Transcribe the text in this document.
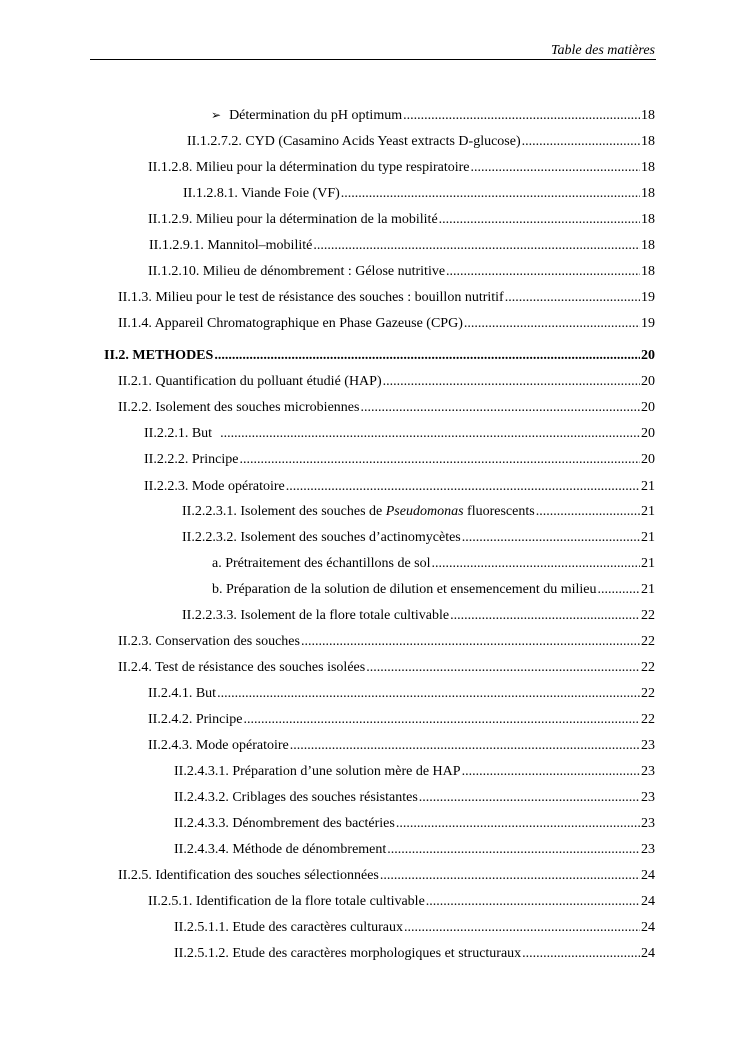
Table des matières
➢ Détermination du pH optimum .....	18
II.1.2.7.2. CYD (Casamino Acids Yeast extracts D-glucose) .....	18
II.1.2.8. Milieu pour la détermination du type respiratoire .....	18
II.1.2.8.1. Viande Foie (VF) .....	18
II.1.2.9. Milieu pour la détermination de la mobilité .....	18
II.1.2.9.1. Mannitol–mobilité .....	18
II.1.2.10. Milieu de dénombrement : Gélose nutritive .....	18
II.1.3. Milieu pour le test de résistance des souches : bouillon nutritif .....	19
II.1.4. Appareil Chromatographique en Phase Gazeuse (CPG) .....	19
II.2. METHODES .....	20
II.2.1. Quantification du polluant étudié (HAP) .....	20
II.2.2. Isolement des souches microbiennes .....	20
II.2.2.1. But .....	20
II.2.2.2. Principe .....	20
II.2.2.3. Mode opératoire .....	21
II.2.2.3.1. Isolement des souches de Pseudomonas fluorescents .....	21
II.2.2.3.2. Isolement des souches d’actinomycètes .....	21
a. Prétraitement des échantillons de sol .....	21
b. Préparation de la solution de dilution et ensemencement du milieu .....	21
II.2.2.3.3. Isolement de la flore totale cultivable .....	22
II.2.3. Conservation des souches .....	22
II.2.4. Test de résistance des souches isolées .....	22
II.2.4.1. But .....	22
II.2.4.2. Principe .....	22
II.2.4.3. Mode opératoire .....	23
II.2.4.3.1. Préparation d’une solution mère de HAP .....	23
II.2.4.3.2. Criblages des souches résistantes .....	23
II.2.4.3.3. Dénombrement des bactéries .....	23
II.2.4.3.4. Méthode de dénombrement .....	23
II.2.5. Identification des souches sélectionnées .....	24
II.2.5.1. Identification de la flore totale cultivable .....	24
II.2.5.1.1. Etude des caractères culturaux .....	24
II.2.5.1.2. Etude des caractères morphologiques et structuraux .....	24
